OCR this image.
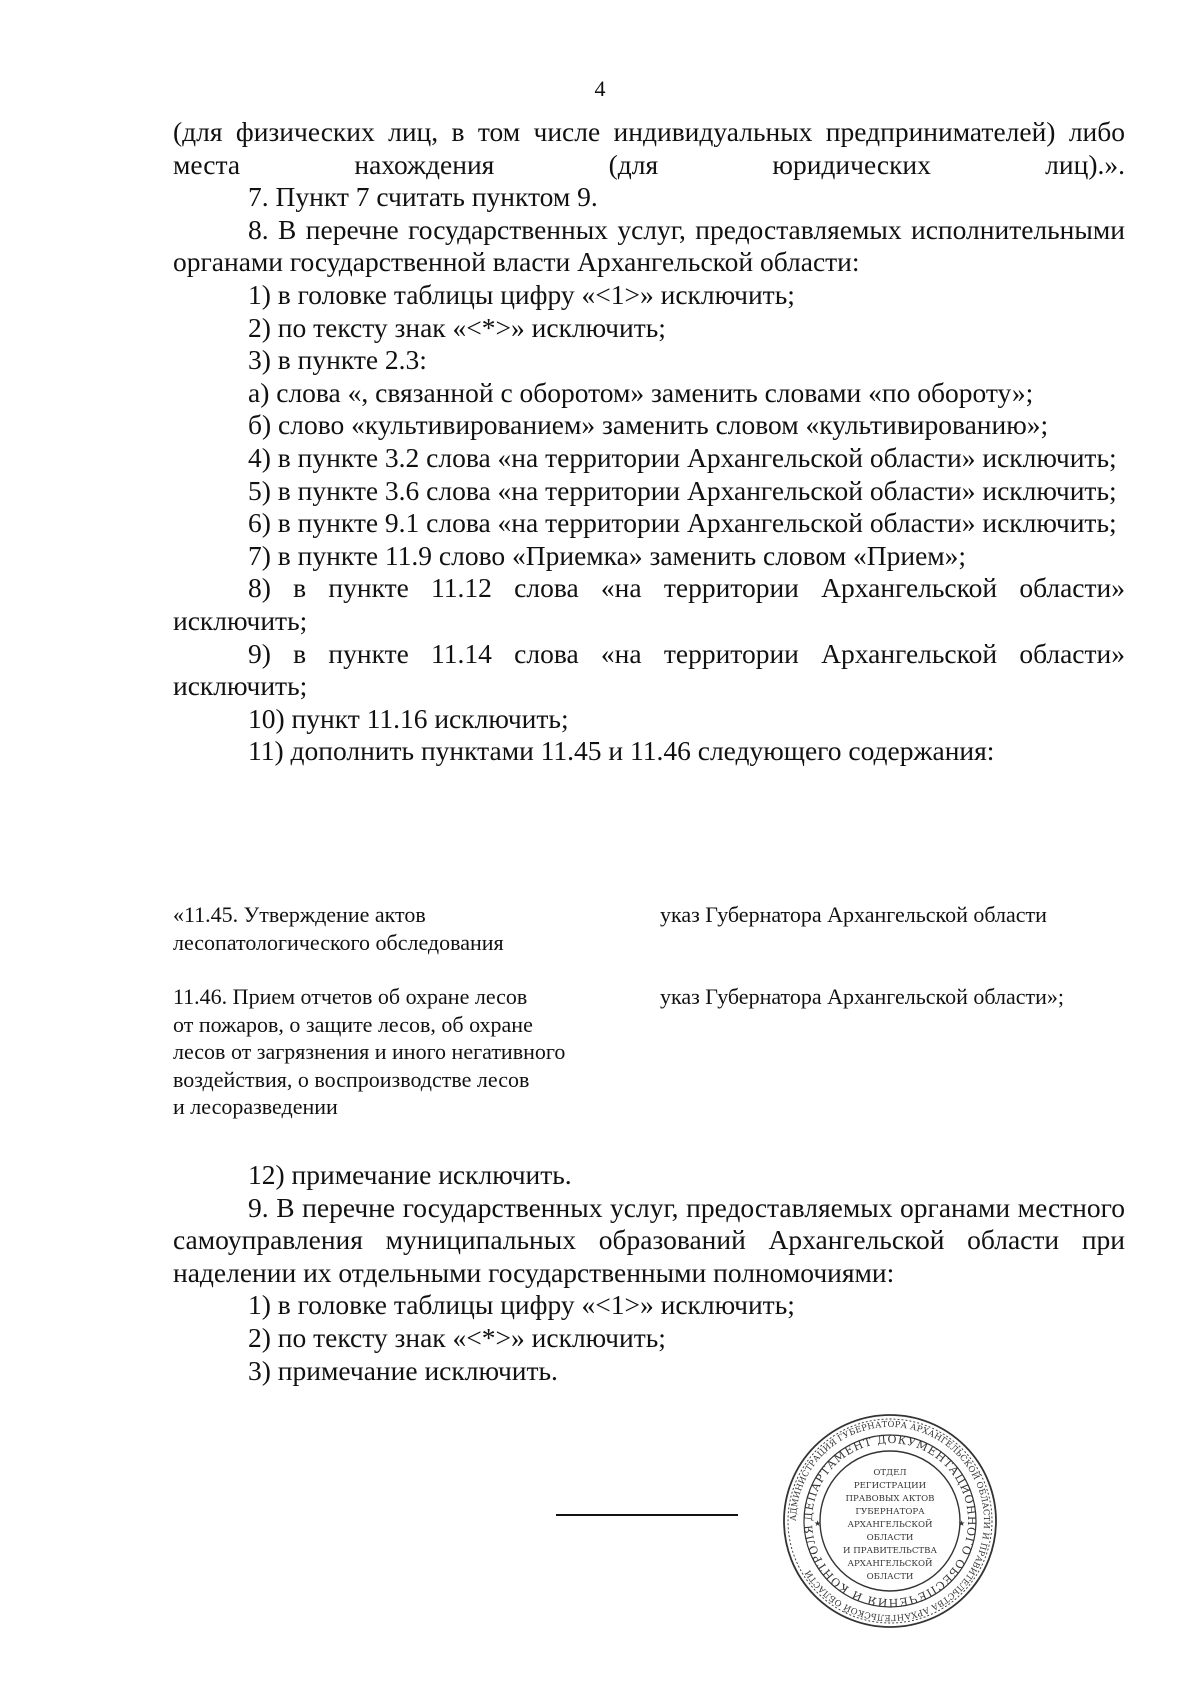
4

(для физических лиц, в том числе индивидуальных предпринимателей) либо места нахождения (для юридических лиц).».

7. Пункт 7 считать пунктом 9.

8. В перечне государственных услуг, предоставляемых исполнительными органами государственной власти Архангельской области:

1) в головке таблицы цифру «<1>» исключить;

2) по тексту знак «<*>» исключить;

3) в пункте 2.3:

а) слова «, связанной с оборотом» заменить словами «по обороту»;

б) слово «культивированием» заменить словом «культивированию»;

4) в пункте 3.2 слова «на территории Архангельской области» исключить;

5) в пункте 3.6 слова «на территории Архангельской области» исключить;

6) в пункте 9.1 слова «на территории Архангельской области» исключить;

7) в пункте 11.9 слово «Приемка» заменить словом «Прием»;

8) в пункте 11.12 слова «на территории Архангельской области» исключить;

9) в пункте 11.14 слова «на территории Архангельской области» исключить;

10) пункт 11.16 исключить;

11) дополнить пунктами 11.45 и 11.46 следующего содержания:

«11.45. Утверждение актов
лесопатологического обследования
указ Губернатора Архангельской области
11.46. Прием отчетов об охране лесов
от пожаров, о защите лесов, об охране
лесов от загрязнения и иного негативного
воздействия, о воспроизводстве лесов
и лесоразведении
указ Губернатора Архангельской области»;

12) примечание исключить.

9. В перечне государственных услуг, предоставляемых органами местного самоуправления муниципальных образований Архангельской области при наделении их отдельными государственными полномочиями:

1) в головке таблицы цифру «<1>» исключить;

2) по тексту знак «<*>» исключить;

3) примечание исключить.

АДМИНИСТРАЦИЯ ГУБЕРНАТОРА АРХАНГЕЛЬСКОЙ ОБЛАСТИ И ПРАВИТЕЛЬСТВА АРХАНГЕЛЬСКОЙ ОБЛАСТИ
ДЕПАРТАМЕНТ ДОКУМЕНТАЦИОННОГО ОБЕСПЕЧЕНИЯ И КОНТРОЛЯ
ОТДЕЛ
РЕГИСТРАЦИИ
ПРАВОВЫХ АКТОВ
ГУБЕРНАТОРА
АРХАНГЕЛЬСКОЙ
ОБЛАСТИ
И ПРАВИТЕЛЬСТВА
АРХАНГЕЛЬСКОЙ
ОБЛАСТИ
★	★
